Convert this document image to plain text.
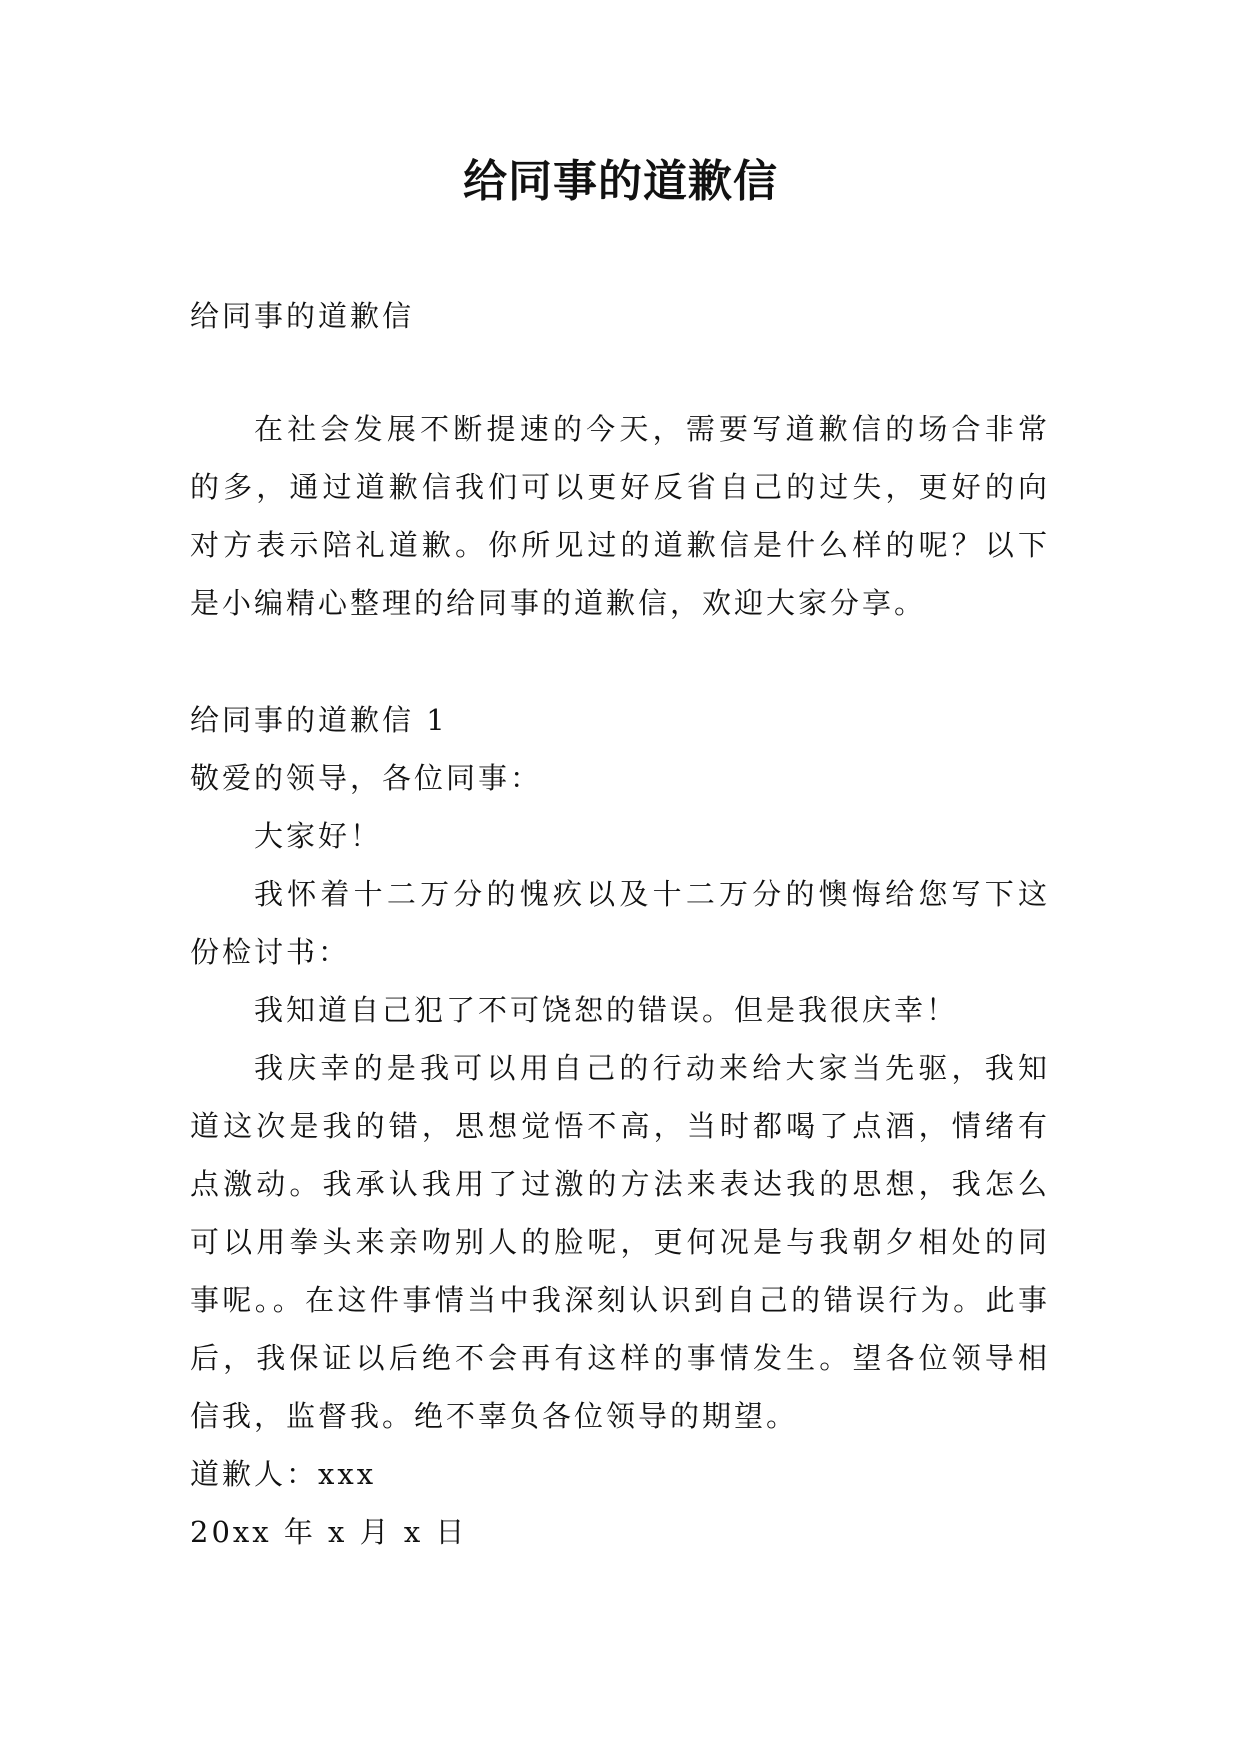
给同事的道歉信
给同事的道歉信
在社会发展不断提速的今天，需要写道歉信的场合非常的多，通过道歉信我们可以更好反省自己的过失，更好的向对方表示陪礼道歉。你所见过的道歉信是什么样的呢？以下是小编精心整理的给同事的道歉信，欢迎大家分享。
给同事的道歉信 1
敬爱的领导，各位同事：
大家好！
我怀着十二万分的愧疚以及十二万分的懊悔给您写下这份检讨书：
我知道自己犯了不可饶恕的错误。但是我很庆幸！
我庆幸的是我可以用自己的行动来给大家当先驱，我知道这次是我的错，思想觉悟不高，当时都喝了点酒，情绪有点激动。我承认我用了过激的方法来表达我的思想，我怎么可以用拳头来亲吻别人的脸呢，更何况是与我朝夕相处的同事呢。。在这件事情当中我深刻认识到自己的错误行为。此事后，我保证以后绝不会再有这样的事情发生。望各位领导相信我，监督我。绝不辜负各位领导的期望。
道歉人：xxx
20xx 年 x 月 x 日
